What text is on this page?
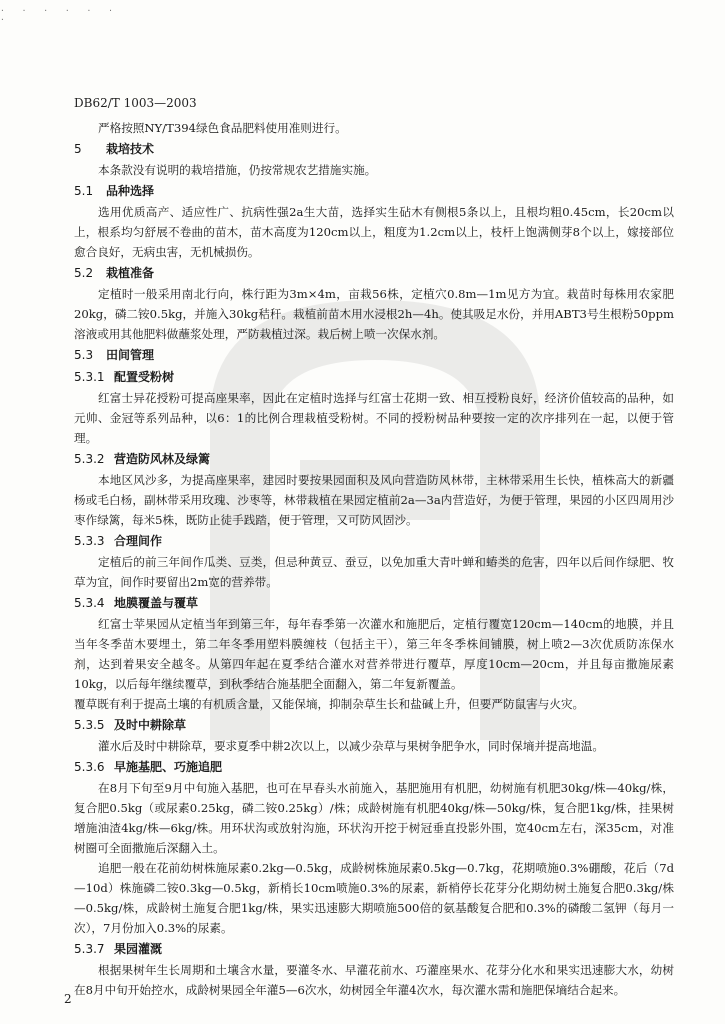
· · · · · · ·
DB62/T 1003—2003

严格按照NY/T394绿色食品肥料使用准则进行。

5 栽培技术

本条款没有说明的栽培措施，仍按常规农艺措施实施。

5.1 品种选择

选用优质高产、适应性广、抗病性强2a生大苗，选择实生砧木有侧根5条以上，且根均粗0.45cm，长20cm以上，根系均匀舒展不卷曲的苗木，苗木高度为120cm以上，粗度为1.2cm以上，枝杆上饱满侧芽8个以上，嫁接部位愈合良好，无病虫害，无机械损伤。

5.2 栽植准备

定植时一般采用南北行向，株行距为3m×4m，亩栽56株，定植穴0.8m—1m见方为宜。栽苗时每株用农家肥20kg，磷二铵0.5kg，并施入30kg秸秆。栽植前苗木用水浸根2h—4h。使其吸足水份，并用ABT3号生根粉50ppm溶液或用其他肥料做蘸浆处理，严防栽植过深。栽后树上喷一次保水剂。

5.3 田间管理
5.3.1 配置受粉树

红富士异花授粉可提高座果率，因此在定植时选择与红富士花期一致、相互授粉良好，经济价值较高的品种，如元帅、金冠等系列品种，以6：1的比例合理栽植受粉树。不同的授粉树品种要按一定的次序排列在一起，以便于管理。

5.3.2 营造防风林及绿篱

本地区风沙多，为提高座果率，建园时要按果园面积及风向营造防风林带，主林带采用生长快，植株高大的新疆杨或毛白杨，副林带采用玫瑰、沙枣等，林带栽植在果园定植前2a—3a内营造好，为便于管理，果园的小区四周用沙枣作绿篱，每米5株，既防止徒手践踏，便于管理，又可防风固沙。

5.3.3 合理间作

定植后的前三年间作瓜类、豆类，但忌种黄豆、蚕豆，以免加重大青叶蝉和蝽类的危害，四年以后间作绿肥、牧草为宜，间作时要留出2m宽的营养带。

5.3.4 地膜覆盖与覆草

红富士苹果园从定植当年到第三年，每年春季第一次灌水和施肥后，定植行覆宽120cm—140cm的地膜，并且当年冬季苗木要埋土，第二年冬季用塑料膜缠枝（包括主干），第三年冬季株间铺膜，树上喷2—3次优质防冻保水剂，达到着果安全越冬。从第四年起在夏季结合灌水对营养带进行覆草，厚度10cm—20cm，并且每亩撒施尿素10kg，以后每年继续覆草，到秋季结合施基肥全面翻入，第二年复新覆盖。

覆草既有利于提高土壤的有机质含量，又能保墒，抑制杂草生长和盐碱上升，但要严防鼠害与火灾。

5.3.5 及时中耕除草

灌水后及时中耕除草，要求夏季中耕2次以上，以减少杂草与果树争肥争水，同时保墒并提高地温。

5.3.6 早施基肥、巧施追肥

在8月下旬至9月中旬施入基肥，也可在早春头水前施入，基肥施用有机肥，幼树施有机肥30kg/株—40kg/株，复合肥0.5kg（或尿素0.25kg，磷二铵0.25kg）/株；成龄树施有机肥40kg/株—50kg/株，复合肥1kg/株，挂果树增施油渣4kg/株—6kg/株。用环状沟或放射沟施，环状沟开挖于树冠垂直投影外围，宽40cm左右，深35cm，对准树圈可全面撒施后深翻入土。

追肥一般在花前幼树株施尿素0.2kg—0.5kg，成龄树株施尿素0.5kg—0.7kg，花期喷施0.3%硼酸，花后（7d—10d）株施磷二铵0.3kg—0.5kg，新梢长10cm喷施0.3%的尿素，新梢停长花芽分化期幼树土施复合肥0.3kg/株—0.5kg/株，成龄树土施复合肥1kg/株，果实迅速膨大期喷施500倍的氨基酸复合肥和0.3%的磷酸二氢钾（每月一次），7月份加入0.3%的尿素。

5.3.7 果园灌溉

根据果树年生长周期和土壤含水量，要灌冬水、早灌花前水、巧灌座果水、花芽分化水和果实迅速膨大水，幼树在8月中旬开始控水，成龄树果园全年灌5—6次水，幼树园全年灌4次水，每次灌水需和施肥保墒结合起来。

2
